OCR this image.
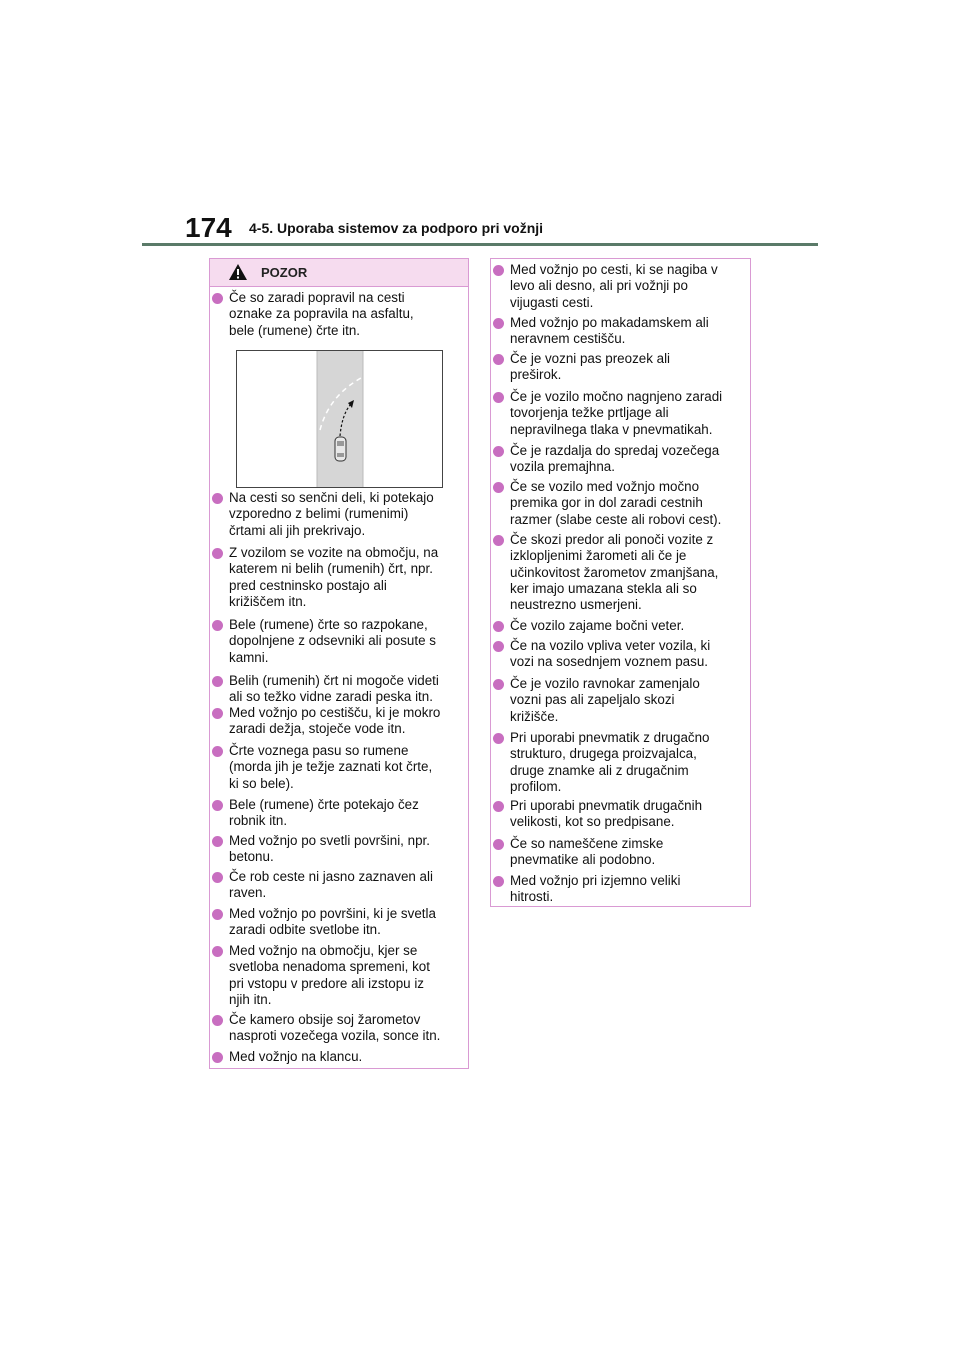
174 4-5. Uporaba sistemov za podporo pri vožnji
POZOR
Če so zaradi popravil na cesti
oznake za popravila na asfaltu,
bele (rumene) črte itn.
Na cesti so senčni deli, ki potekajo
vzporedno z belimi (rumenimi)
črtami ali jih prekrivajo.
Z vozilom se vozite na območju, na
katerem ni belih (rumenih) črt, npr.
pred cestninsko postajo ali
križiščem itn.
Bele (rumene) črte so razpokane,
dopolnjene z odsevniki ali posute s
kamni.
Belih (rumenih) črt ni mogoče videti
ali so težko vidne zaradi peska itn.
Med vožnjo po cestišču, ki je mokro
zaradi dežja, stoječe vode itn.
Črte voznega pasu so rumene
(morda jih je težje zaznati kot črte,
ki so bele).
Bele (rumene) črte potekajo čez
robnik itn.
Med vožnjo po svetli površini, npr.
betonu.
Če rob ceste ni jasno zaznaven ali
raven.
Med vožnjo po površini, ki je svetla
zaradi odbite svetlobe itn.
Med vožnjo na območju, kjer se
svetloba nenadoma spremeni, kot
pri vstopu v predore ali izstopu iz
njih itn.
Če kamero obsije soj žarometov
nasproti vozečega vozila, sonce itn.
Med vožnjo na klancu.
Med vožnjo po cesti, ki se nagiba v
levo ali desno, ali pri vožnji po
vijugasti cesti.
Med vožnjo po makadamskem ali
neravnem cestišču.
Če je vozni pas preozek ali
preširok.
Če je vozilo močno nagnjeno zaradi
tovorjenja težke prtljage ali
nepravilnega tlaka v pnevmatikah.
Če je razdalja do spredaj vozečega
vozila premajhna.
Če se vozilo med vožnjo močno
premika gor in dol zaradi cestnih
razmer (slabe ceste ali robovi cest).
Če skozi predor ali ponoči vozite z
izklopljenimi žarometi ali če je
učinkovitost žarometov zmanjšana,
ker imajo umazana stekla ali so
neustrezno usmerjeni.
Če vozilo zajame bočni veter.
Če na vozilo vpliva veter vozila, ki
vozi na sosednjem voznem pasu.
Če je vozilo ravnokar zamenjalo
vozni pas ali zapeljalo skozi
križišče.
Pri uporabi pnevmatik z drugačno
strukturo, drugega proizvajalca,
druge znamke ali z drugačnim
profilom.
Pri uporabi pnevmatik drugačnih
velikosti, kot so predpisane.
Če so nameščene zimske
pnevmatike ali podobno.
Med vožnjo pri izjemno veliki
hitrosti.
